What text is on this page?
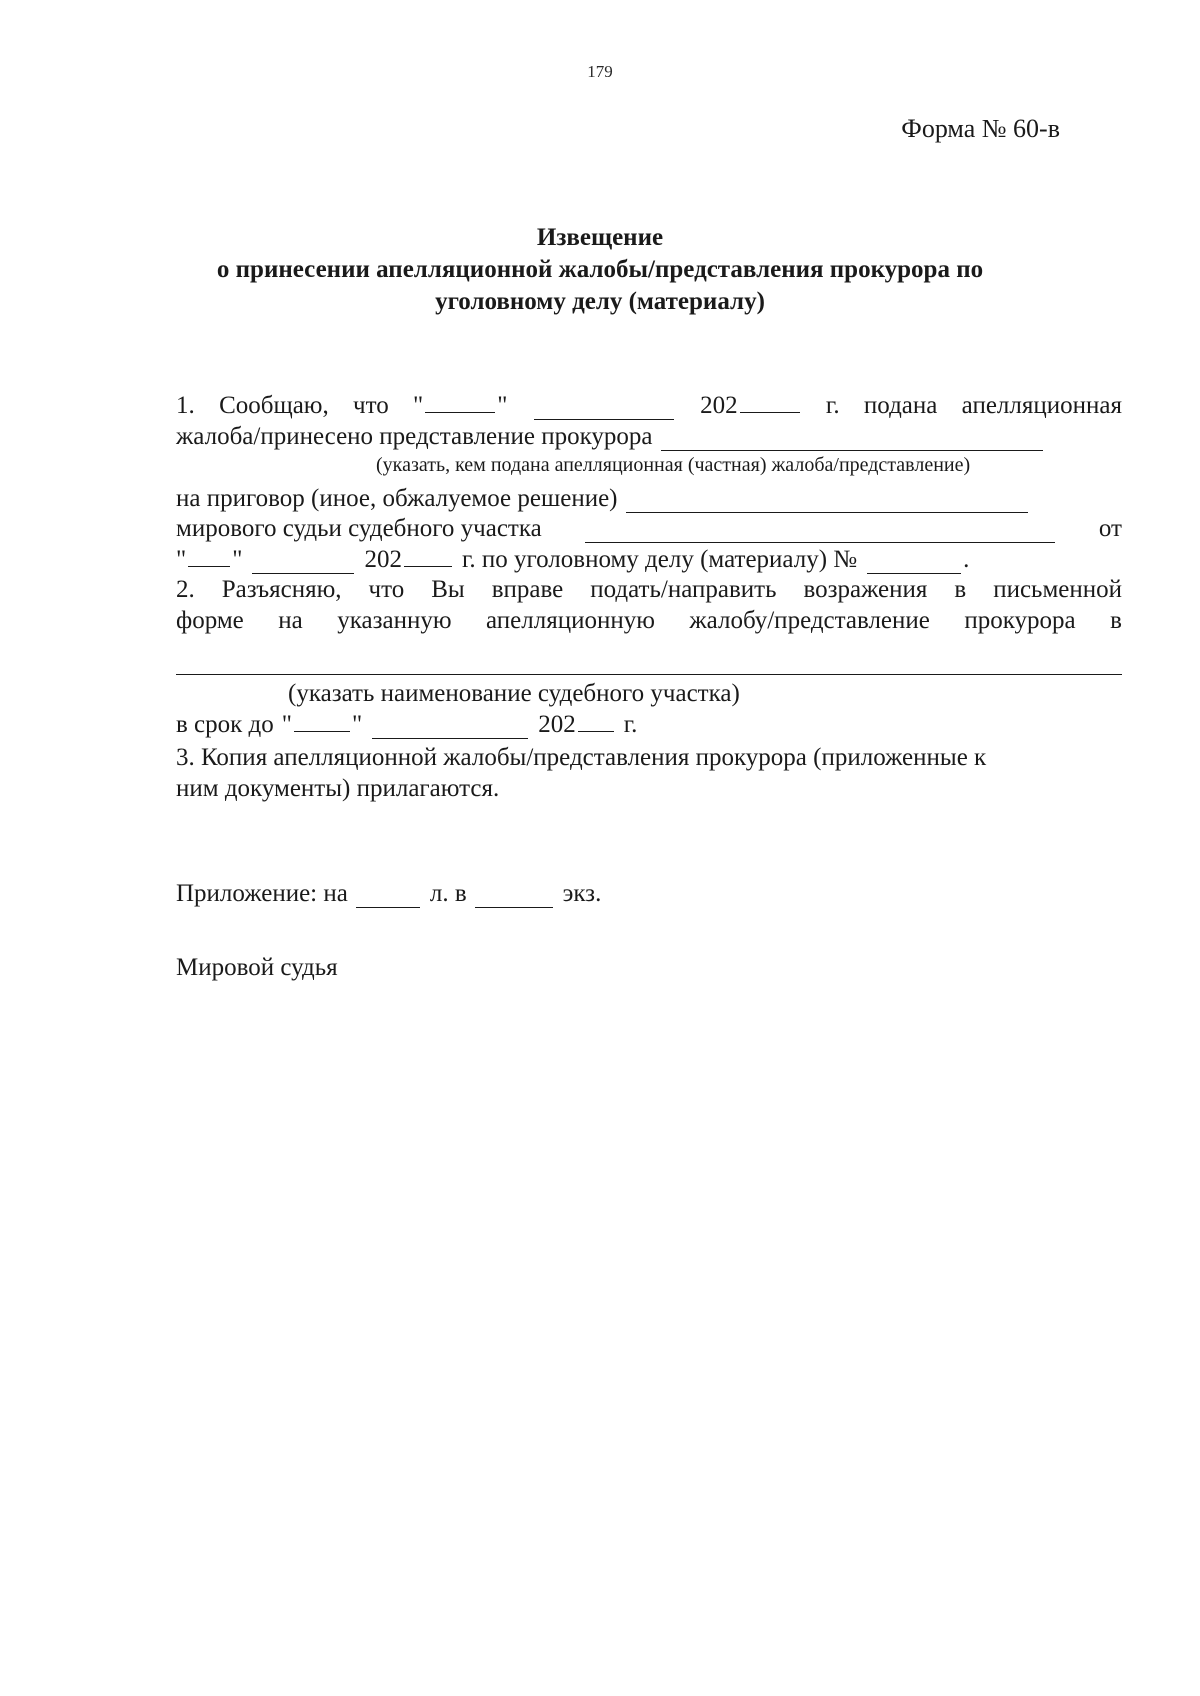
179
Форма № 60-в
Извещение
о принесении апелляционной жалобы/представления прокурора по
уголовному делу (материалу)
1. Сообщаю, что "	"	202	г. подана апелляционная
жалоба/принесено представление прокурора
(указать, кем подана апелляционная (частная) жалоба/представление)
на приговор (иное, обжалуемое решение)
мирового судьи судебного участка	от
" "	202	г. по уголовному делу (материалу) №	.
2. Разъясняю, что Вы вправе подать/направить возражения в письменной
форме на указанную апелляционную жалобу/представление прокурора в
(указать наименование судебного участка)
в срок до " "	202	г.
3. Копия апелляционной жалобы/представления прокурора (приложенные к
ним документы) прилагаются.
Приложение: на	л. в	экз.
Мировой судья
